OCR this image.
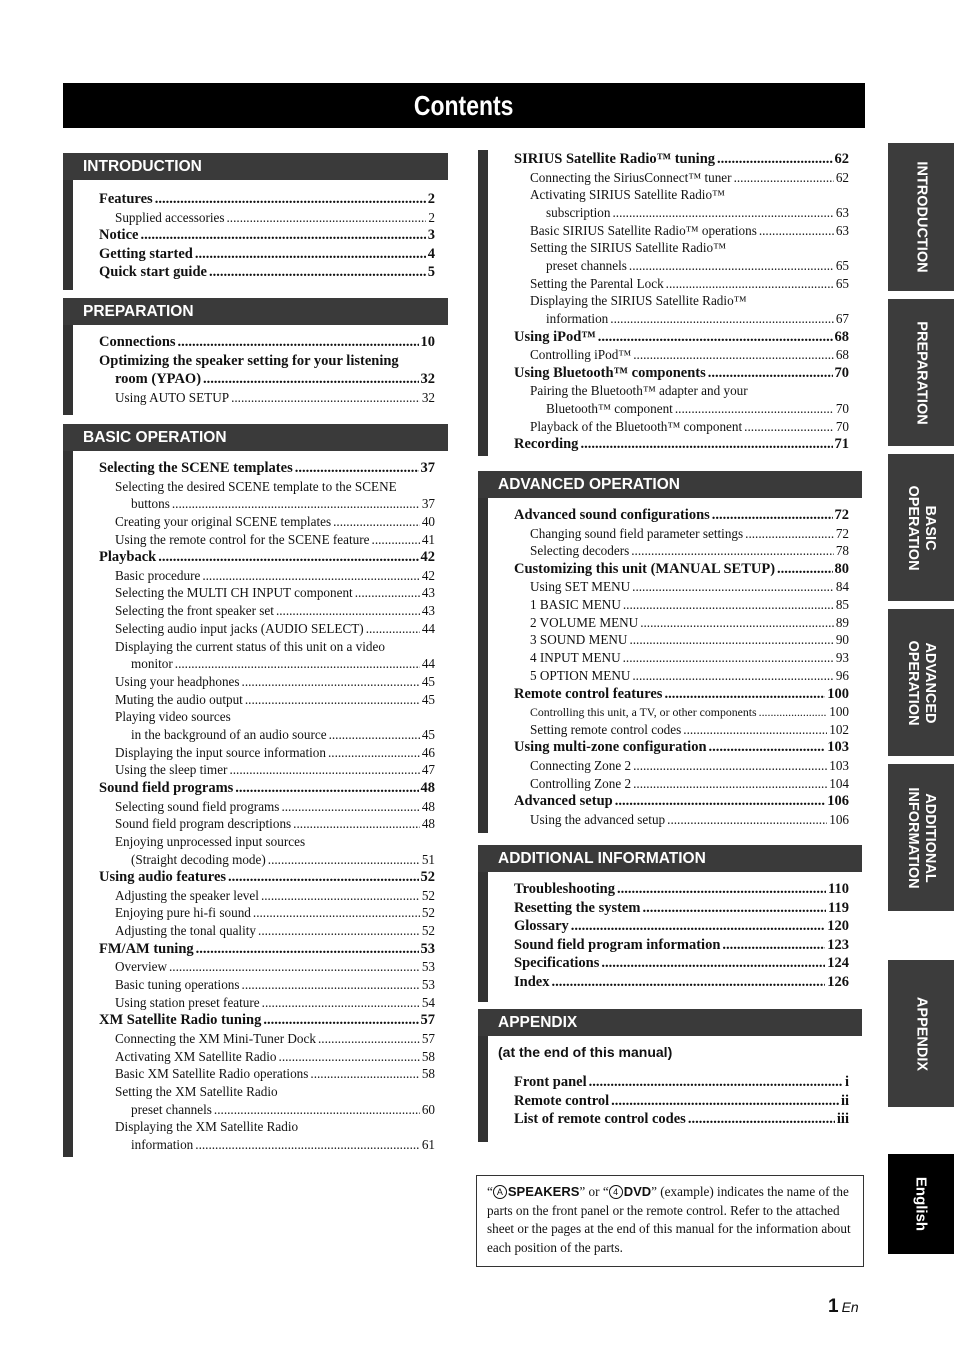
Contents
INTRODUCTION
Features .....	2
Supplied accessories .....	2
Notice .....	3
Getting started .....	4
Quick start guide .....	5
PREPARATION
Connections .....	10
Optimizing the speaker setting for your listening
room (YPAO) .....	32
Using AUTO SETUP .....	32
BASIC OPERATION
Selecting the SCENE templates .....	37
Selecting the desired SCENE template to the SCENE
buttons .....	37
Creating your original SCENE templates .....	40
Using the remote control for the SCENE feature .....	41
Playback .....	42
Basic procedure .....	42
Selecting the MULTI CH INPUT component .....	43
Selecting the front speaker set .....	43
Selecting audio input jacks (AUDIO SELECT) .....	44
Displaying the current status of this unit on a video
monitor .....	44
Using your headphones .....	45
Muting the audio output .....	45
Playing video sources
in the background of an audio source .....	45
Displaying the input source information .....	46
Using the sleep timer .....	47
Sound field programs .....	48
Selecting sound field programs .....	48
Sound field program descriptions .....	48
Enjoying unprocessed input sources
(Straight decoding mode) .....	51
Using audio features .....	52
Adjusting the speaker level .....	52
Enjoying pure hi-fi sound .....	52
Adjusting the tonal quality .....	52
FM/AM tuning .....	53
Overview .....	53
Basic tuning operations .....	53
Using station preset feature .....	54
XM Satellite Radio tuning .....	57
Connecting the XM Mini-Tuner Dock .....	57
Activating XM Satellite Radio .....	58
Basic XM Satellite Radio operations .....	58
Setting the XM Satellite Radio
preset channels .....	60
Displaying the XM Satellite Radio
information .....	61
SIRIUS Satellite Radio™ tuning .....	62
Connecting the SiriusConnect™ tuner .....	62
Activating SIRIUS Satellite Radio™
subscription .....	63
Basic SIRIUS Satellite Radio™ operations .....	63
Setting the SIRIUS Satellite Radio™
preset channels .....	65
Setting the Parental Lock .....	65
Displaying the SIRIUS Satellite Radio™
information .....	67
Using iPod™ .....	68
Controlling iPod™ .....	68
Using Bluetooth™ components .....	70
Pairing the Bluetooth™ adapter and your
Bluetooth™ component .....	70
Playback of the Bluetooth™ component .....	70
Recording .....	71
ADVANCED OPERATION
Advanced sound configurations .....	72
Changing sound field parameter settings .....	72
Selecting decoders .....	78
Customizing this unit (MANUAL SETUP) .....	80
Using SET MENU .....	84
1 BASIC MENU .....	85
2 VOLUME MENU .....	89
3 SOUND MENU .....	90
4 INPUT MENU .....	93
5 OPTION MENU .....	96
Remote control features .....	100
Controlling this unit, a TV, or other components .....	100
Setting remote control codes .....	102
Using multi-zone configuration .....	103
Connecting Zone 2 .....	103
Controlling Zone 2 .....	104
Advanced setup .....	106
Using the advanced setup .....	106
ADDITIONAL INFORMATION
Troubleshooting .....	110
Resetting the system .....	119
Glossary .....	120
Sound field program information .....	123
Specifications .....	124
Index .....	126
APPENDIX
(at the end of this manual)
Front panel .....	i
Remote control .....	ii
List of remote control codes .....	iii
INTRODUCTION
PREPARATION
BASIC
OPERATION
ADVANCED
OPERATION
ADDITIONAL
INFORMATION
APPENDIX
English
“ A SPEAKERS” or “ 4 DVD” (example) indicates the name of the parts on the front panel or the remote control. Refer to the attached sheet or the pages at the end of this manual for the information about each position of the parts.
1 En
